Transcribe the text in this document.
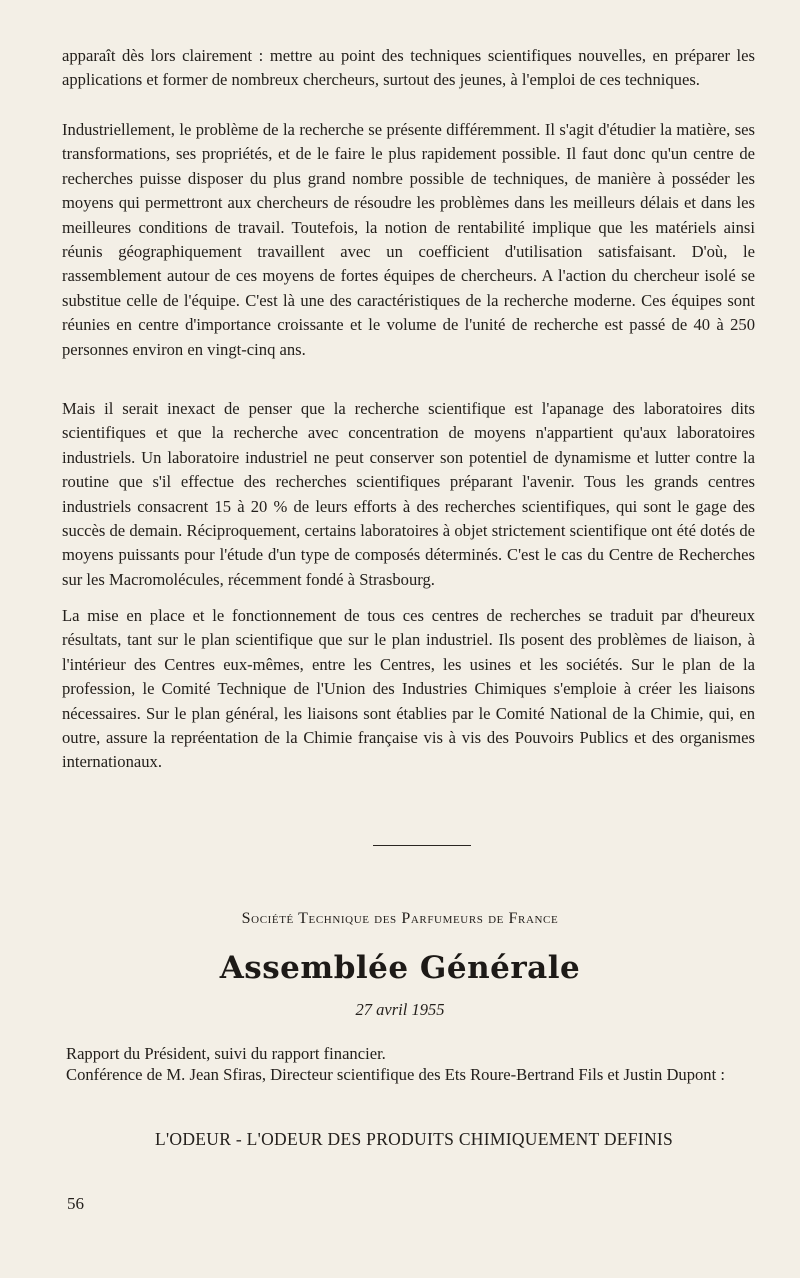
apparaît dès lors clairement : mettre au point des techniques scientifiques nouvelles, en préparer les applications et former de nombreux chercheurs, surtout des jeunes, à l'emploi de ces techniques.

Industriellement, le problème de la recherche se présente différemment. Il s'agit d'étudier la matière, ses transformations, ses propriétés, et de le faire le plus rapidement possible. Il faut donc qu'un centre de recherches puisse disposer du plus grand nombre possible de techniques, de manière à posséder les moyens qui permettront aux chercheurs de résoudre les problèmes dans les meilleurs délais et dans les meilleures conditions de travail. Toutefois, la notion de rentabilité implique que les matériels ainsi réunis géographiquement travaillent avec un coefficient d'utilisation satisfaisant. D'où, le rassemblement autour de ces moyens de fortes équipes de chercheurs. A l'action du chercheur isolé se substitue celle de l'équipe. C'est là une des caractéristiques de la recherche moderne. Ces équipes sont réunies en centre d'importance croissante et le volume de l'unité de recherche est passé de 40 à 250 personnes environ en vingt-cinq ans.

Mais il serait inexact de penser que la recherche scientifique est l'apanage des laboratoires dits scientifiques et que la recherche avec concentration de moyens n'appartient qu'aux laboratoires industriels. Un laboratoire industriel ne peut conserver son potentiel de dynamisme et lutter contre la routine que s'il effectue des recherches scientifiques préparant l'avenir. Tous les grands centres industriels consacrent 15 à 20 % de leurs efforts à des recherches scientifiques, qui sont le gage des succès de demain. Réciproquement, certains laboratoires à objet strictement scientifique ont été dotés de moyens puissants pour l'étude d'un type de composés déterminés. C'est le cas du Centre de Recherches sur les Macromolécules, récemment fondé à Strasbourg.

La mise en place et le fonctionnement de tous ces centres de recherches se traduit par d'heureux résultats, tant sur le plan scientifique que sur le plan industriel. Ils posent des problèmes de liaison, à l'intérieur des Centres eux-mêmes, entre les Centres, les usines et les sociétés. Sur le plan de la profession, le Comité Technique de l'Union des Industries Chimiques s'emploie à créer les liaisons nécessaires. Sur le plan général, les liaisons sont établies par le Comité National de la Chimie, qui, en outre, assure la repréentation de la Chimie française vis à vis des Pouvoirs Publics et des organismes internationaux.

Société Technique des Parfumeurs de France
Assemblée Générale
27 avril 1955
Rapport du Président, suivi du rapport financier.
Conférence de M. Jean Sfiras, Directeur scientifique des Ets Roure-Bertrand Fils et Justin Dupont :
L'ODEUR - L'ODEUR DES PRODUITS CHIMIQUEMENT DEFINIS
56
